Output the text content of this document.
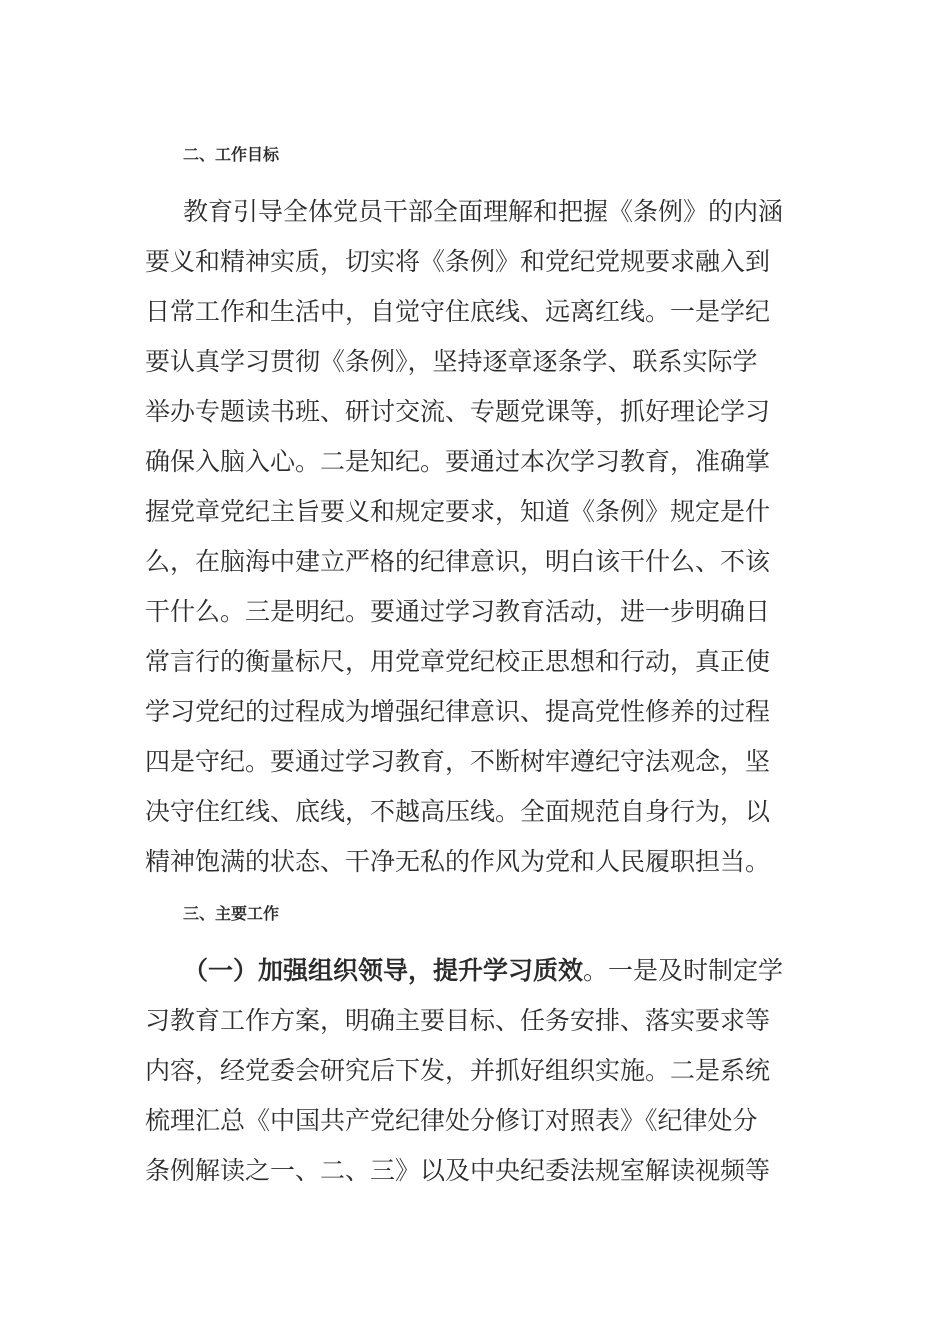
二、工作目标
教育引导全体党员干部全面理解和把握《条例》的内涵
要义和精神实质，切实将《条例》和党纪党规要求融入到
日常工作和生活中，自觉守住底线、远离红线。一是学纪
要认真学习贯彻《条例》，坚持逐章逐条学、联系实际学
举办专题读书班、研讨交流、专题党课等，抓好理论学习
确保入脑入心。二是知纪。要通过本次学习教育，准确掌
握党章党纪主旨要义和规定要求，知道《条例》规定是什
么，在脑海中建立严格的纪律意识，明白该干什么、不该
干什么。三是明纪。要通过学习教育活动，进一步明确日
常言行的衡量标尺，用党章党纪校正思想和行动，真正使
学习党纪的过程成为增强纪律意识、提高党性修养的过程
四是守纪。要通过学习教育，不断树牢遵纪守法观念，坚
决守住红线、底线，不越高压线。全面规范自身行为，以
精神饱满的状态、干净无私的作风为党和人民履职担当。
三、主要工作
（一）加强组织领导，提升学习质效。一是及时制定学
习教育工作方案，明确主要目标、任务安排、落实要求等
内容，经党委会研究后下发，并抓好组织实施。二是系统
梳理汇总《中国共产党纪律处分修订对照表》《纪律处分
条例解读之一、二、三》以及中央纪委法规室解读视频等
